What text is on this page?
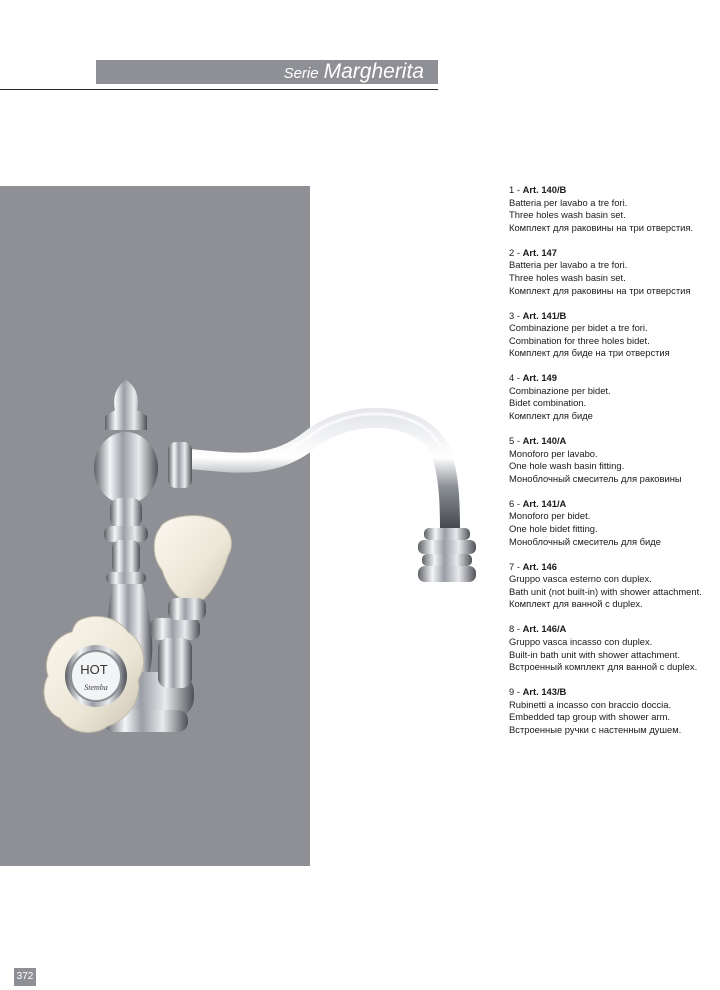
Serie Margherita
HOT
Stemba
1 - Art. 140/B
Batteria per lavabo a tre fori.
Three holes wash basin set.
Комплект для раковины на три отверстия.
2 - Art. 147
Batteria per lavabo a tre fori.
Three holes wash basin set.
Комплект для раковины на три отверстия
3 - Art. 141/B
Combinazione per bidet a tre fori.
Combination for three holes bidet.
Комплект для биде на три отверстия
4 - Art. 149
Combinazione per bidet.
Bidet combination.
Комплект для биде
5 - Art. 140/A
Monoforo per lavabo.
One hole wash basin fitting.
Моноблочный смеситель для раковины
6 - Art. 141/A
Monoforo per bidet.
One hole bidet fitting.
Моноблочный смеситель для биде
7 - Art. 146
Gruppo vasca esterno con duplex.
Bath unit (not built-in) with shower attachment.
Комплект для ванной с duplex.
8 - Art. 146/A
Gruppo vasca incasso con duplex.
Built-in bath unit with shower attachment.
Встроенный комплект для ванной с duplex.
9 - Art. 143/B
Rubinetti a incasso con braccio doccia.
Embedded tap group with shower arm.
Встроенные ручки с настенным душем.
372
